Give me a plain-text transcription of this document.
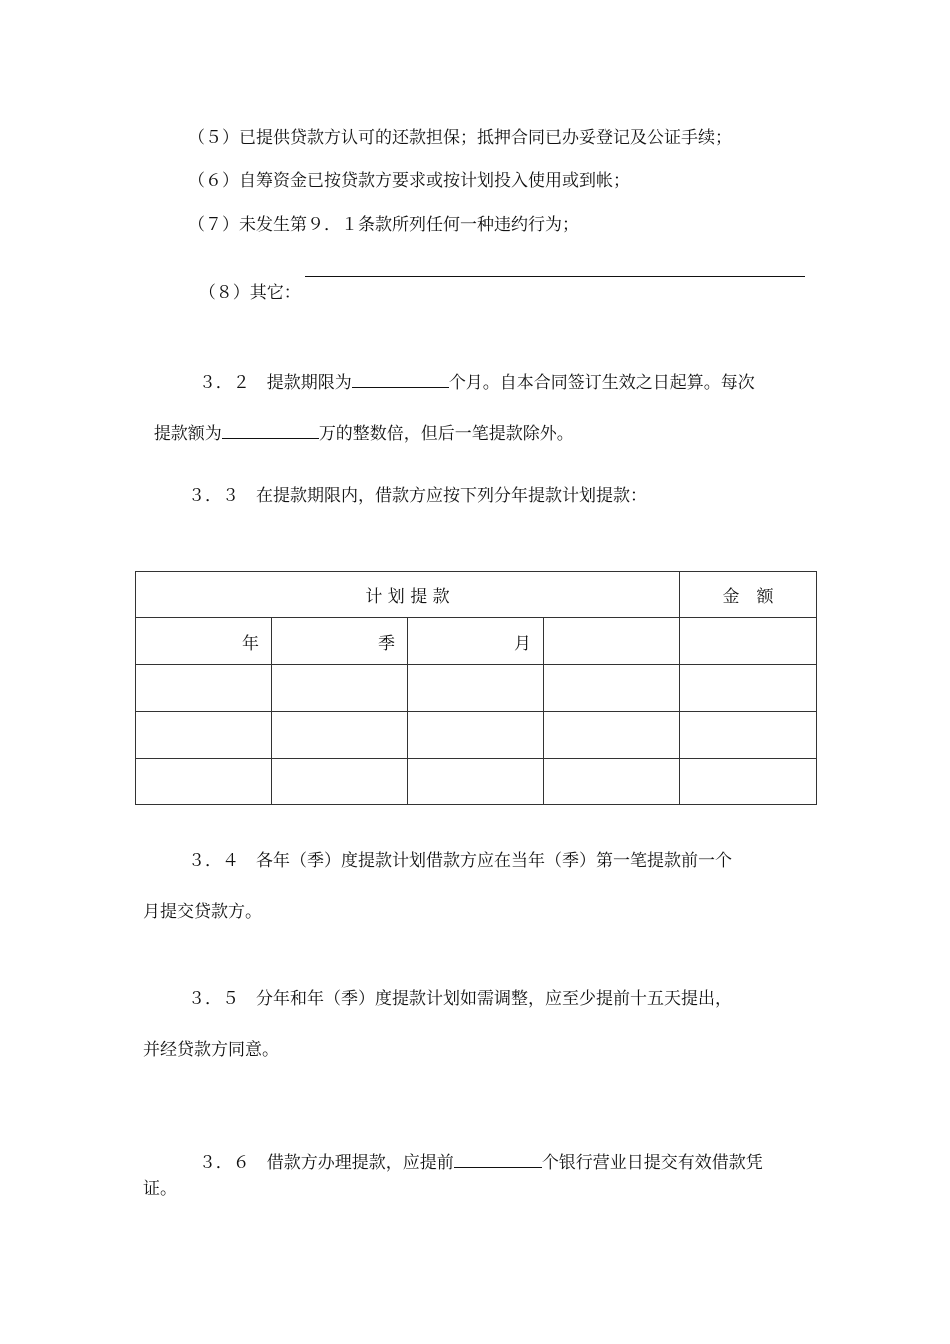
（５）已提供贷款方认可的还款担保；抵押合同已办妥登记及公证手续；
（６）自筹资金已按贷款方要求或按计划投入使用或到帐；
（７）未发生第９．１条款所列任何一种违约行为；

（８）其它：

３．２　提款期限为	个月。自本合同签订生效之日起算。每次

提款额为	万的整数倍，但后一笔提款除外。

３．３　在提款期限内，借款方应按下列分年提款计划提款：
计 划 提 款				金　额
年	季	月		

３．４　各年（季）度提款计划借款方应在当年（季）第一笔提款前一个
月提交贷款方。
３．５　分年和年（季）度提款计划如需调整，应至少提前十五天提出，
并经贷款方同意。

３．６　借款方办理提款，应提前	个银行营业日提交有效借款凭

证。
